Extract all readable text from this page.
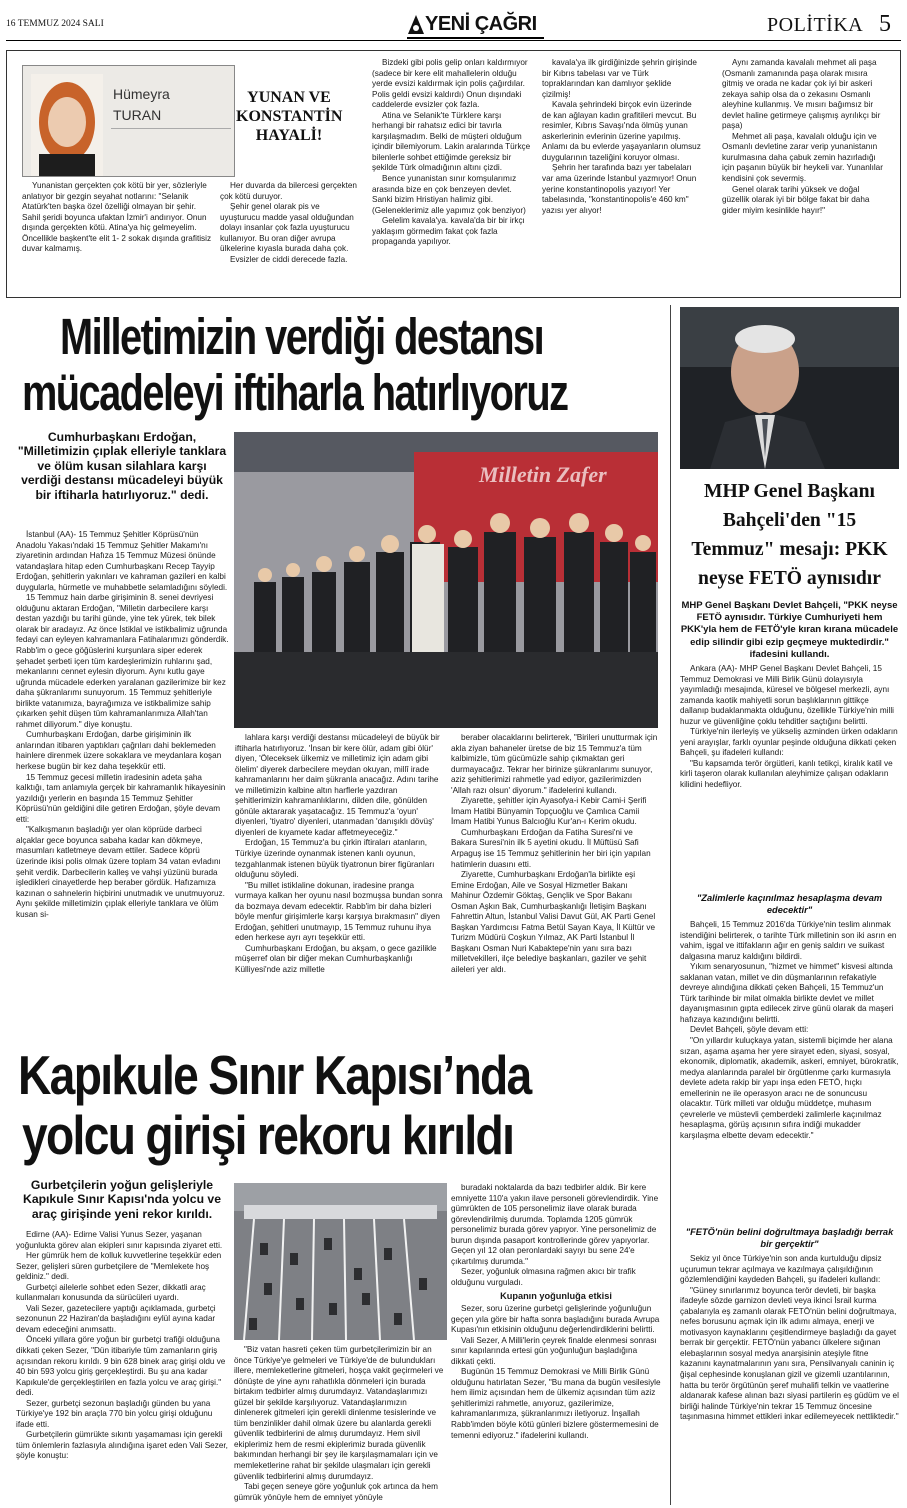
16 TEMMUZ 2024 SALI	YENİ ÇAĞRI	POLİTİKA 5
Hümeyra
TURAN
YUNAN VE KONSTANTİN HAYALİ!

Yunanistan gerçekten çok kötü bir yer, sözleriyle anlatıyor bir gezgin seyahat notlarını: "Selanik Atatürk'ten başka özel özelliği olmayan bir şehir. Sahil şeridi boyunca ufaktan İzmir'i andırıyor. Onun dışında gerçekten kötü. Atina'ya hiç gelmeyelim. Öncellikle başkent'te elit 1- 2 sokak dışında grafitisiz duvar kalmamış.

Her duvarda da bilercesi gerçekten çok kötü duruyor.

Şehir genel olarak pis ve uyuşturucu madde yasal olduğundan dolayı insanlar çok fazla uyuşturucu kullanıyor. Bu oran diğer avrupa ülkelerine kıyasla burada daha çok.

Evsizler de ciddi derecede fazla.

Bizdeki gibi polis gelip onları kaldırmıyor (sadece bir kere elit mahallelerin olduğu yerde evsizi kaldırmak için polis çağırdılar. Polis geldi evsizi kaldırdı) Onun dışındaki caddelerde evsizler çok fazla.

Atina ve Selanik'te Türklere karşı herhangi bir rahatsız edici bir tavırla karşılaşmadım. Belki de müşteri olduğum içindir bilemiyorum. Lakin aralarında Türkçe bilenlerle sohbet ettiğimde gereksiz bir şekilde Türk olmadığının altını çizdi.

Bence yunanistan sınır komşularımız arasında bize en çok benzeyen devlet. Sanki bizim Hristiyan halimiz gibi. (Geleneklerimiz alle yapımız çok benziyor)

Gelelim kavala'ya. kavala'da bir bir irkçı yaklaşım görmedim fakat çok fazla propaganda yapılıyor.

kavala'ya ilk girdiğinizde şehrin girişinde bir Kıbrıs tabelası var ve Türk topraklarından kan damlıyor şeklide çizilmiş!

Kavala şehrindeki birçok evin üzerinde de kan ağlayan kadın grafitileri mevcut. Bu resimler, Kıbrıs Savaşı'nda ölmüş yunan askerlerinin evlerinin üzerine yapılmış. Anlamı da bu evlerde yaşayanların olumsuz duygularının tazeliğini koruyor olması.

Şehrin her tarafında bazı yer tabelaları var ama üzerinde İstanbul yazmıyor! Onun yerine konstantinopolis yazıyor! Yer tabelasında, "konstantinopolis'e 460 km" yazısı yer alıyor!

Aynı zamanda kavalalı mehmet ali paşa (Osmanlı zamanında paşa olarak mısıra gitmiş ve orada ne kadar çok iyi bir askeri zekaya sahip olsa da o zekasını Osmanlı aleyhine kullanmış. Ve mısırı bağımsız bir devlet haline getirmeye çalışmış ayrılıkçı bir paşa)

Mehmet ali paşa, kavalalı olduğu için ve Osmanlı devletine zarar verip yunanistanın kurulmasına daha çabuk zemin hazırladığı için paşanın büyük bir heykeli var. Yunanlılar kendisini çok severmiş.

Genel olarak tarihi yüksek ve doğal güzellik olarak iyi bir bölge fakat bir daha gider miyim kesinlikle hayır!"

Milletimizin verdiği destansı
mücadeleyi iftiharla hatırlıyoruz
Cumhurbaşkanı Erdoğan, "Milletimizin çıplak elleriyle tanklara ve ölüm kusan silahlara karşı verdiği destansı mücadeleyi büyük bir iftiharla hatırlıyoruz." dedi.
Milletin Zafer

İstanbul (AA)- 15 Temmuz Şehitler Köprüsü'nün Anadolu Yakası'ndaki 15 Temmuz Şehitler Makamı'nı ziyaretinin ardından Hafıza 15 Temmuz Müzesi önünde vatandaşlara hitap eden Cumhurbaşkanı Recep Tayyip Erdoğan, şehitlerin yakınları ve kahraman gazileri en kalbi duygularla, hürmetle ve muhabbetle selamladığını söyledi.

15 Temmuz hain darbe girişiminin 8. senei devriyesi olduğunu aktaran Erdoğan, "Milletin darbecilere karşı destan yazdığı bu tarihi günde, yine tek yürek, tek bilek olarak bir aradayız. Az önce İstiklal ve istikbalimiz uğrunda fedayi can eyleyen kahramanlara Fatihalarımızı gönderdik. Rabb'im o gece göğüslerini kurşunlara siper ederek şehadet şerbeti içen tüm kardeşlerimizin ruhlarını şad, mekanlarını cennet eylesin diyorum. Aynı kutlu gaye uğrunda mücadele ederken yaralanan gazilerimize bir kez daha şükranlarımı sunuyorum. 15 Temmuz şehitleriyle birlikte vatanımıza, bayrağımıza ve istikbalimize sahip çıkarken şehit düşen tüm kahramanlarımıza Allah'tan rahmet diliyorum." diye konuştu.

Cumhurbaşkanı Erdoğan, darbe girişiminin ilk anlarından itibaren yaptıkları çağrıları dahi beklemeden hainlere direnmek üzere sokaklara ve meydanlara koşan herkese bugün bir kez daha teşekkür etti.

15 Temmuz gecesi milletin iradesinin adeta şaha kalktığı, tam anlamıyla gerçek bir kahramanlık hikayesinin yazıldığı yerlerin en başında 15 Temmuz Şehitler Köprüsü'nün geldiğini dile getiren Erdoğan, şöyle devam etti:

"Kalkışmanın başladığı yer olan köprüde darbeci alçaklar gece boyunca sabaha kadar kan dökmeye, masumları katletmeye devam ettiler. Sadece köprü üzerinde ikisi polis olmak üzere toplam 34 vatan evladını şehit verdik. Darbecilerin kalleş ve vahşi yüzünü burada işledikleri cinayetlerde hep beraber gördük. Hafızamıza kazınan o sahnelerin hiçbirini unutmadık ve unutmuyoruz. Aynı şekilde milletimizin çıplak elleriyle tanklara ve ölüm kusan si-

lahlara karşı verdiği destansı mücadeleyi de büyük bir iftiharla hatırlıyoruz. 'İnsan bir kere ölür, adam gibi ölür' diyen, 'Öleceksek ülkemiz ve milletimiz için adam gibi ölelim' diyerek darbecilere meydan okuyan, millî irade kahramanlarını her daim şükranla anacağız. Adını tarihe ve milletimizin kalbine altın harflerle yazdıran şehitlerimizin kahramanlıklarını, dilden dile, gönülden gönüle aktararak yaşatacağız. 15 Temmuz'a 'oyun' diyenleri, 'tiyatro' diyenleri, utanmadan 'danışıklı dövüş' diyenleri de kıyamete kadar affetmeyeceğiz."

Erdoğan, 15 Temmuz'a bu çirkin iftiraları atanların, Türkiye üzerinde oynanmak istenen kanlı oyunun, tezgahlanmak istenen büyük tiyatronun birer figüranları olduğunu söyledi.

"Bu millet istiklaline dokunan, iradesine pranga vurmaya kalkan her oyunu nasıl bozmuşsa bundan sonra da bozmaya devam edecektir. Rabb'im bir daha bizleri böyle menfur girişimlerle karşı karşıya bırakmasın" diyen Erdoğan, şehitleri unutmayıp, 15 Temmuz ruhunu ihya eden herkese ayrı ayrı teşekkür etti.

Cumhurbaşkanı Erdoğan, bu akşam, o gece gazilikle müşerref olan bir diğer mekan Cumhurbaşkanlığı Külliyesi'nde aziz milletle

beraber olacaklarını belirterek, "Birileri unutturmak için akla ziyan bahaneler üretse de biz 15 Temmuz'a tüm kalbimizle, tüm gücümüzle sahip çıkmaktan geri durmayacağız. Tekrar her birinize şükranlarımı sunuyor, aziz şehitlerimizi rahmetle yad ediyor, gazilerimizden 'Allah razı olsun' diyorum." ifadelerini kullandı.

Ziyarette, şehitler için Ayasofya-i Kebir Cami-i Şerifi İmam Hatibi Bünyamin Topçuoğlu ve Çamlıca Camii İmam Hatibi Yunus Balcıoğlu Kur'an-ı Kerim okudu.

Cumhurbaşkanı Erdoğan da Fatiha Suresi'ni ve Bakara Suresi'nin ilk 5 ayetini okudu. İl Müftüsü Safi Arpaguş ise 15 Temmuz şehitlerinin her biri için yapılan hatimlerin duasını etti.

Ziyarette, Cumhurbaşkanı Erdoğan'la birlikte eşi Emine Erdoğan, Aile ve Sosyal Hizmetler Bakanı Mahinur Özdemir Göktaş, Gençlik ve Spor Bakanı Osman Aşkın Bak, Cumhurbaşkanlığı İletişim Başkanı Fahrettin Altun, İstanbul Valisi Davut Gül, AK Parti Genel Başkan Yardımcısı Fatma Betül Sayan Kaya, İl Kültür ve Turizm Müdürü Coşkun Yılmaz, AK Parti İstanbul İl Başkanı Osman Nuri Kabaktepe'nin yanı sıra bazı milletvekilleri, ilçe belediye başkanları, gaziler ve şehit aileleri yer aldı.

Kapıkule Sınır Kapısı’nda
yolcu girişi rekoru kırıldı
Gurbetçilerin yoğun gelişleriyle Kapıkule Sınır Kapısı'nda yolcu ve araç girişinde yeni rekor kırıldı.

Edirne (AA)- Edirne Valisi Yunus Sezer, yaşanan yoğunlukta görev alan ekipleri sınır kapısında ziyaret etti.

Her gümrük hem de kolluk kuvvetlerine teşekkür eden Sezer, gelişleri süren gurbetçilere de "Memlekete hoş geldiniz." dedi.

Gurbetçi ailelerle sohbet eden Sezer, dikkatli araç kullanmaları konusunda da sürücüleri uyardı.

Vali Sezer, gazetecilere yaptığı açıklamada, gurbetçi sezonunun 22 Haziran'da başladığını eylül ayına kadar devam edeceğini anımsattı.

Önceki yıllara göre yoğun bir gurbetçi trafiği olduğuna dikkati çeken Sezer, "Dün itibariyle tüm zamanların giriş açısından rekoru kırıldı. 9 bin 628 binek araç girişi oldu ve 40 bin 593 yolcu giriş gerçekleştirdi. Bu şu ana kadar Kapıkule'de gerçekleştirilen en fazla yolcu ve araç girişi." dedi.

Sezer, gurbetçi sezonun başladığı günden bu yana Türkiye'ye 192 bin araçla 770 bin yolcu girişi olduğunu ifade etti.

Gurbetçilerin gümrükte sıkıntı yaşamaması için gerekli tüm önlemlerin fazlasıyla alındığına işaret eden Vali Sezer, şöyle konuştu:

"Biz vatan hasreti çeken tüm gurbetçilerimizin bir an önce Türkiye'ye gelmeleri ve Türkiye'de de bulundukları illere, memleketlerine gitmeleri, hoşça vakit geçirmeleri ve dönüşte de yine aynı rahatlıkla dönmeleri için burada birtakım tedbirler almış durumdayız. Vatandaşlarımızı güzel bir şekilde karşılıyoruz. Vatandaşlarımızın dinlenerek gitmeleri için gerekli dinlenme tesislerinde ve tüm benzinlikler dahil olmak üzere bu alanlarda gerekli güvenlik tedbirlerini de almış durumdayız. Hem sivil ekiplerimiz hem de resmi ekiplerimiz burada güvenlik bakımından herhangi bir şey ile karşılaşmamaları için ve memleketlerine rahat bir şekilde ulaşmaları için gerekli güvenlik tedbirlerini almış durumdayız.

Tabi geçen seneye göre yoğunluk çok artınca da hem gümrük yönüyle hem de emniyet yönüyle

buradaki noktalarda da bazı tedbirler aldık. Bir kere emniyette 110'a yakın ilave personeli görevlendirdik. Yine gümrükten de 105 personelimiz ilave olarak burada görevlendirilmiş durumda. Toplamda 1205 gümrük personelimiz burada görev yapıyor. Yine personelimiz de burun dışında pasaport kontrollerinde görev yapıyorlar. Geçen yıl 12 olan peronlardaki sayıyı bu sene 24'e çıkartılmış durumda."

Sezer, yoğunluk olmasına rağmen akıcı bir trafik olduğunu vurguladı.

Kupanın yoğunluğa etkisi

Sezer, soru üzerine gurbetçi gelişlerinde yoğunluğun geçen yıla göre bir hafta sonra başladığını burada Avrupa Kupası'nın etkisinin olduğunu değerlendirdiklerini belirtti.

Vali Sezer, A Milli'lerin çeyrek finalde elenmesi sonrası sınır kapılarında ertesi gün yoğunluğun başladığına dikkati çekti.

Bugünün 15 Temmuz Demokrasi ve Milli Birlik Günü olduğunu hatırlatan Sezer, "Bu mana da bugün vesilesiyle hem ilimiz açısından hem de ülkemiz açısından tüm aziz şehitlerimizi rahmetle, anıyoruz, gazilerimize, kahramanlarımıza, şükranlarımızı iletiyoruz. İnşallah Rabb'imden böyle kötü günleri bizlere göstermemesini de temenni ediyoruz." ifadelerini kullandı.

MHP Genel Başkanı Bahçeli'den "15 Temmuz" mesajı: PKK neyse FETÖ aynısıdır
MHP Genel Başkanı Devlet Bahçeli, "PKK neyse FETÖ aynısıdır. Türkiye Cumhuriyeti hem PKK'yla hem de FETÖ'yle kıran kırana mücadele edip silindir gibi ezip geçmeye muktedirdir." ifadesini kullandı.

Ankara (AA)- MHP Genel Başkanı Devlet Bahçeli, 15 Temmuz Demokrasi ve Milli Birlik Günü dolayısıyla yayımladığı mesajında, küresel ve bölgesel merkezli, aynı zamanda kaotik mahiyetli sorun başlıklarının gittikçe dallanıp budaklanmakta olduğunu, özellikle Türkiye'nin milli huzur ve güvenliğine çoklu tehditler saçtığını belirtti.

Türkiye'nin ilerleyiş ve yükseliş azminden ürken odakların yeni arayışlar, farklı oyunlar peşinde olduğuna dikkati çeken Bahçeli, şu ifadeleri kullandı:

"Bu kapsamda terör örgütleri, kanlı tetikçi, kiralık katil ve kirli taşeron olarak kullanılan aleyhimize çalışan odakların kilidini hedefliyor.

"Zalimlerle kaçınılmaz hesaplaşma devam edecektir"

Bahçeli, 15 Temmuz 2016'da Türkiye'nin teslim alınmak istendiğini belirterek, o tarihte Türk milletinin son iki asrın en vahim, işgal ve ittifakların ağır en geniş saldırı ve suikast dalgasına maruz kaldığını bildirdi.

Yıkım senaryosunun, "hizmet ve himmet" kisvesi altında saklanan vatan, millet ve din düşmanlarının refakatiyle devreye alındığına dikkati çeken Bahçeli, 15 Temmuz'un Türk tarihinde bir milat olmakla birlikte devlet ve millet dayanışmasının gıpta edilecek zirve günü olarak da maşeri hafızaya kazındığını belirtti.

Devlet Bahçeli, şöyle devam etti:

"On yıllardır kuluçkaya yatan, sistemli biçimde her alana sızan, aşama aşama her yere sirayet eden, siyasi, sosyal, ekonomik, diplomatik, akademik, askeri, emniyet, bürokratik, medya alanlarında paralel bir örgütlenme çarkı kurmasıyla devlete adeta rakip bir yapı inşa eden FETÖ, hıçkı emellerinin ne ile operasyon aracı ne de sonuncusu olacaktır. Türk milleti var olduğu müddetçe, muhasım çevrelerle ve müstevli çemberdeki zalimlerle kaçınılmaz hesaplaşma, görüş açısının sıfıra indiği mukadder karşılaşma elbette devam edecektir."

"FETÖ'nün belini doğrultmaya başladığı berrak bir gerçektir"

Sekiz yıl önce Türkiye'nin son anda kurtulduğu dipsiz uçurumun tekrar açılmaya ve kazılmaya çalışıldığının gözlemlendiğini kaydeden Bahçeli, şu ifadeleri kullandı:

"Güney sınırlarımız boyunca terör devleti, bir başka ifadeyle sözde garnizon devleti veya ikinci İsrail kurma çabalarıyla eş zamanlı olarak FETÖ'nün belini doğrultmaya, nefes borusunu açmak için ilk adımı almaya, enerji ve motivasyon kaynaklarını çeşitlendirmeye başladığı da gayet berrak bir gerçektir. FETÖ'nün yabancı ülkelere sığınan elebaşlarının sosyal medya anarşisinin ateşiyle fitne kazanını kaynatmalarının yanı sıra, Pensilvanyalı caninin iç ğişal cephesinde konuşlanan gizil ve gizemli uzantılarının, hatta bu terör örgütünün şeref muhalifi telkin ve vaatlerine aldanarak kafese alınan bazı siyasi partilerin eş güdüm ve el birliği halinde Türkiye'nin tekrar 15 Temmuz öncesine taşınmasına himmet ettikleri inkar edilemeyecek nettliktedir."
